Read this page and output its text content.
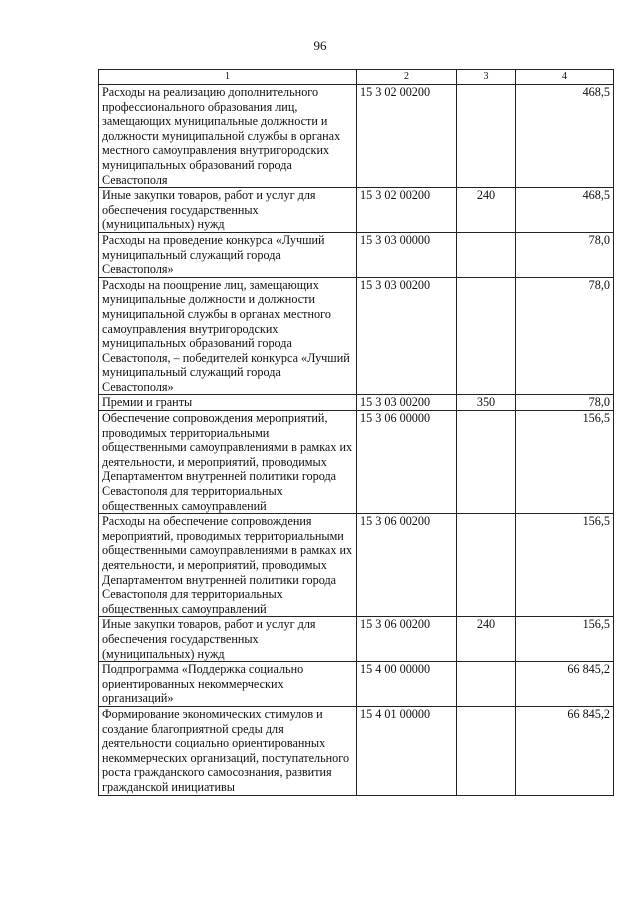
96
1	2	3	4
Расходы на реализацию дополнительного профессионального образования лиц, замещающих муниципальные должности и должности муниципальной службы в органах местного самоуправления внутригородских муниципальных образований города Севастополя	15 3 02 00200		468,5
Иные закупки товаров, работ и услуг для обеспечения государственных (муниципальных) нужд	15 3 02 00200	240	468,5
Расходы на проведение конкурса «Лучший муниципальный служащий города Севастополя»	15 3 03 00000		78,0
Расходы на поощрение лиц, замещающих муниципальные должности и должности муниципальной службы в органах местного самоуправления внутригородских муниципальных образований города Севастополя, – победителей конкурса «Лучший муниципальный служащий города Севастополя»	15 3 03 00200		78,0
Премии и гранты	15 3 03 00200	350	78,0
Обеспечение сопровождения мероприятий, проводимых территориальными общественными самоуправлениями в рамках их деятельности, и мероприятий, проводимых Департаментом внутренней политики города Севастополя для территориальных общественных самоуправлений	15 3 06 00000		156,5
Расходы на обеспечение сопровождения мероприятий, проводимых территориальными общественными самоуправлениями в рамках их деятельности, и мероприятий, проводимых Департаментом внутренней политики города Севастополя для территориальных общественных самоуправлений	15 3 06 00200		156,5
Иные закупки товаров, работ и услуг для обеспечения государственных (муниципальных) нужд	15 3 06 00200	240	156,5
Подпрограмма «Поддержка социально ориентированных некоммерческих организаций»	15 4 00 00000		66 845,2
Формирование экономических стимулов и создание благоприятной среды для деятельности социально ориентированных некоммерческих организаций, поступательного роста гражданского самосознания, развития гражданской инициативы	15 4 01 00000		66 845,2
